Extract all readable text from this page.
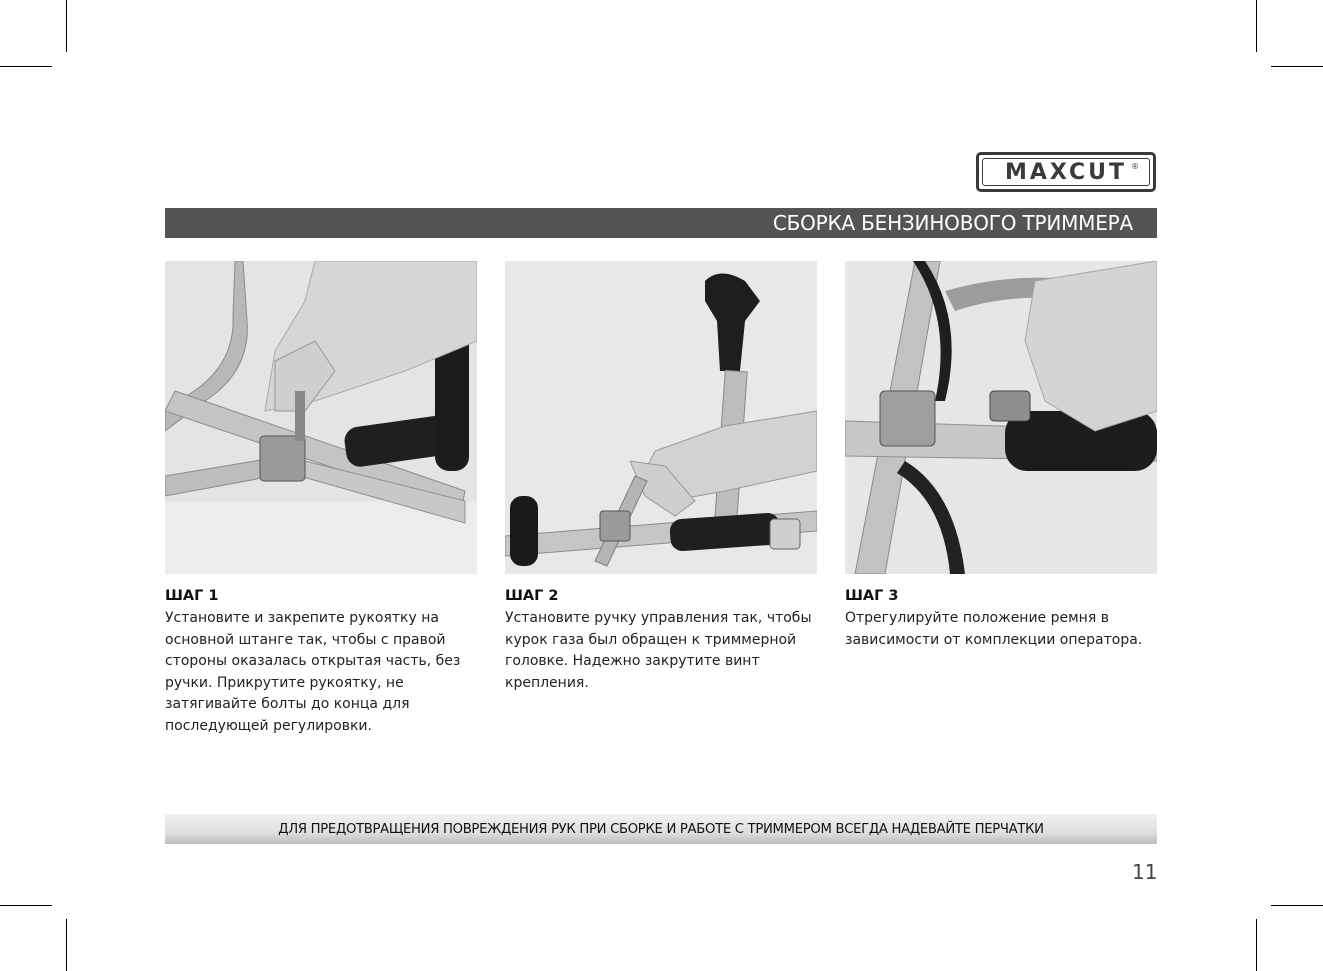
MAXCUT ®
СБОРКА БЕНЗИНОВОГО ТРИММЕРА
ШАГ 1
Установите и закрепите рукоятку на основной штанге так, чтобы с правой стороны оказалась открытая часть, без ручки. Прикрутите рукоятку, не затягивайте болты до конца для последующей регулировки.
ШАГ 2
Установите ручку управления так, чтобы курок газа был обращен к триммерной головке. Надежно закрутите винт крепления.
ШАГ 3
Отрегулируйте положение ремня в зависимости от комплекции оператора.
ДЛЯ ПРЕДОТВРАЩЕНИЯ ПОВРЕЖДЕНИЯ РУК ПРИ СБОРКЕ И РАБОТЕ С ТРИММЕРОМ ВСЕГДА НАДЕВАЙТЕ ПЕРЧАТКИ
11
